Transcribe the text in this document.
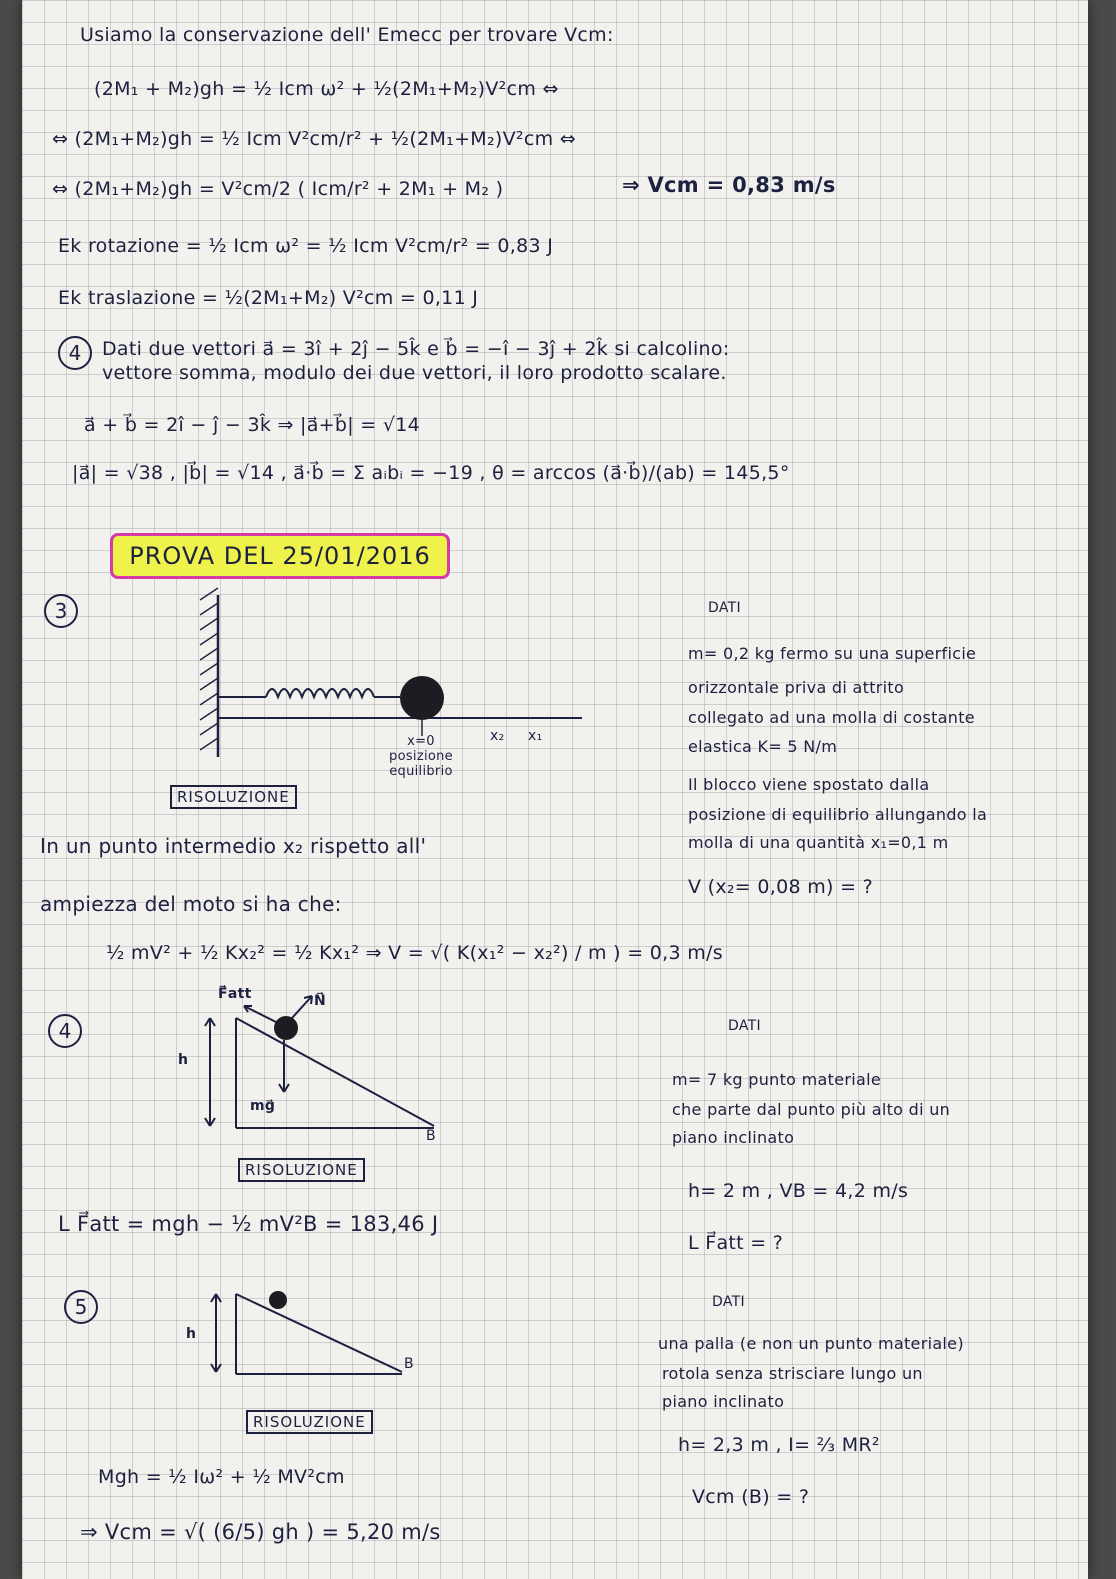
Usiamo la conservazione dell' Emecc per trovare Vcm:

(2M₁ + M₂)gh = ½ Icm ω² + ½(2M₁+M₂)V²cm ⇔

⇔ (2M₁+M₂)gh = ½ Icm V²cm/r² + ½(2M₁+M₂)V²cm ⇔

⇔ (2M₁+M₂)gh = V²cm/2 ( Icm/r² + 2M₁ + M₂ )	⇒ Vcm = 0,83 m/s

Ek rotazione = ½ Icm ω² = ½ Icm V²cm/r² = 0,83 J

Ek traslazione = ½(2M₁+M₂) V²cm = 0,11 J

4	Dati due vettori a⃗ = 3î + 2ĵ − 5k̂ e b⃗ = −î − 3ĵ + 2k̂ si calcolino:

vettore somma, modulo dei due vettori, il loro prodotto scalare.

a⃗ + b⃗ = 2î − ĵ − 3k̂ ⇒ |a⃗+b⃗| = √14

|a⃗| = √38 , |b⃗| = √14 , a⃗·b⃗ = Σ aᵢbᵢ = −19 , θ = arccos (a⃗·b⃗)/(ab) = 145,5°

PROVA DEL 25/01/2016
3
x=0
posizione equilibrio

x₂ x₁

DATI

m= 0,2 kg fermo su una superficie

orizzontale priva di attrito

collegato ad una molla di costante

elastica K= 5 N/m

Il blocco viene spostato dalla

posizione di equilibrio allungando la

molla di una quantità x₁=0,1 m

V (x₂= 0,08 m) = ?

RISOLUZIONE

In un punto intermedio x₂ rispetto all'

ampiezza del moto si ha che:

½ mV² + ½ Kx₂² = ½ Kx₁² ⇒ V = √( K(x₁² − x₂²) / m ) = 0,3 m/s

4

F⃗att	N⃗

h

mg⃗

B

DATI

m= 7 kg punto materiale

che parte dal punto più alto di un

piano inclinato

h= 2 m , VB = 4,2 m/s

L F⃗att = ?

RISOLUZIONE

L F⃗att = mgh − ½ mV²B = 183,46 J

5

h

B

DATI

una palla (e non un punto materiale)

rotola senza strisciare lungo un

piano inclinato

h= 2,3 m , I= ⅔ MR²

Vcm (B) = ?

RISOLUZIONE

Mgh = ½ Iω² + ½ MV²cm

⇒ Vcm = √( (6/5) gh ) = 5,20 m/s
